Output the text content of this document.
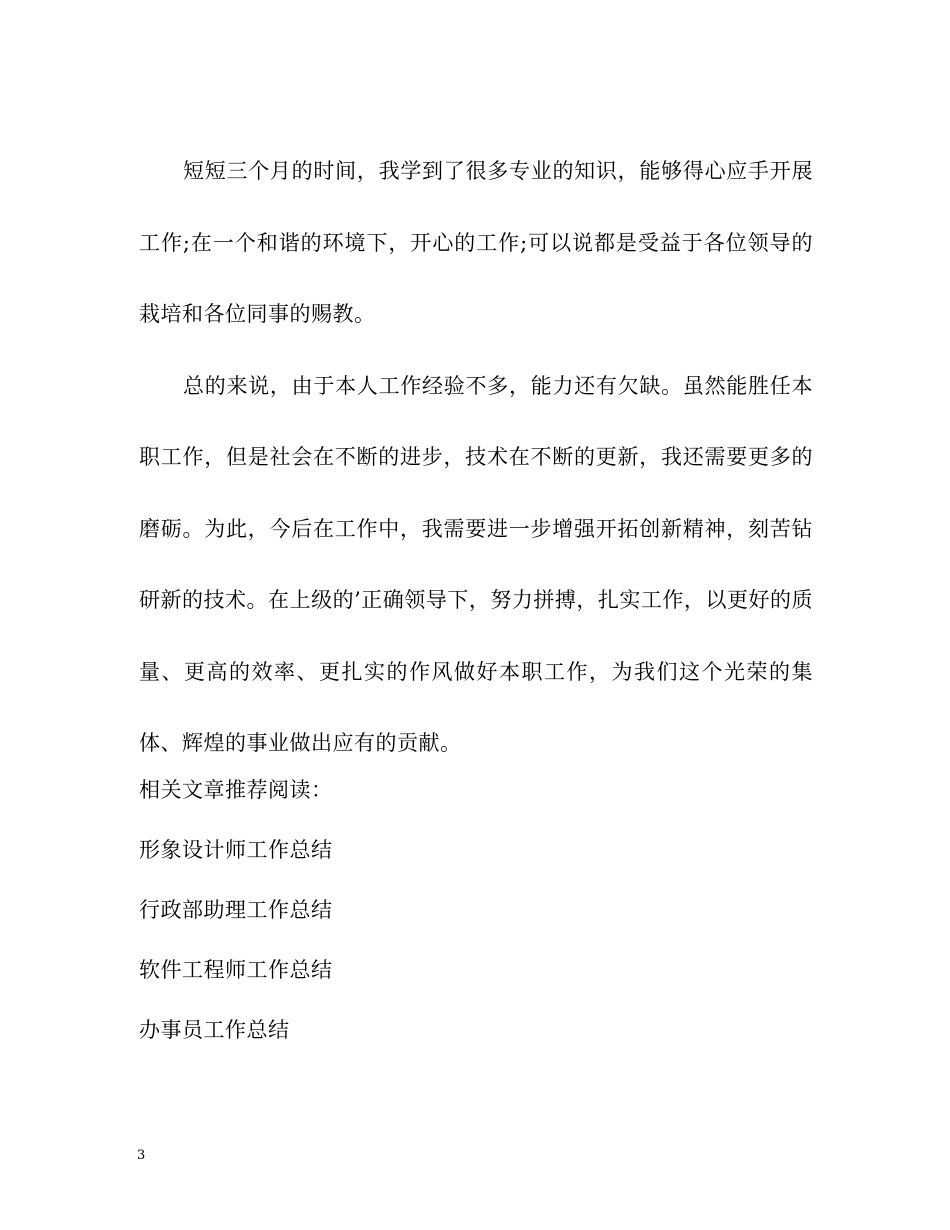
短短三个月的时间，我学到了很多专业的知识，能够得心应手开展工作;在一个和谐的环境下，开心的工作;可以说都是受益于各位领导的栽培和各位同事的赐教。

总的来说，由于本人工作经验不多，能力还有欠缺。虽然能胜任本职工作，但是社会在不断的进步，技术在不断的更新，我还需要更多的磨砺。为此，今后在工作中，我需要进一步增强开拓创新精神，刻苦钻研新的技术。在上级的’正确领导下，努力拼搏，扎实工作，以更好的质量、更高的效率、更扎实的作风做好本职工作，为我们这个光荣的集体、辉煌的事业做出应有的贡献。

相关文章推荐阅读：

形象设计师工作总结

行政部助理工作总结

软件工程师工作总结

办事员工作总结

3
